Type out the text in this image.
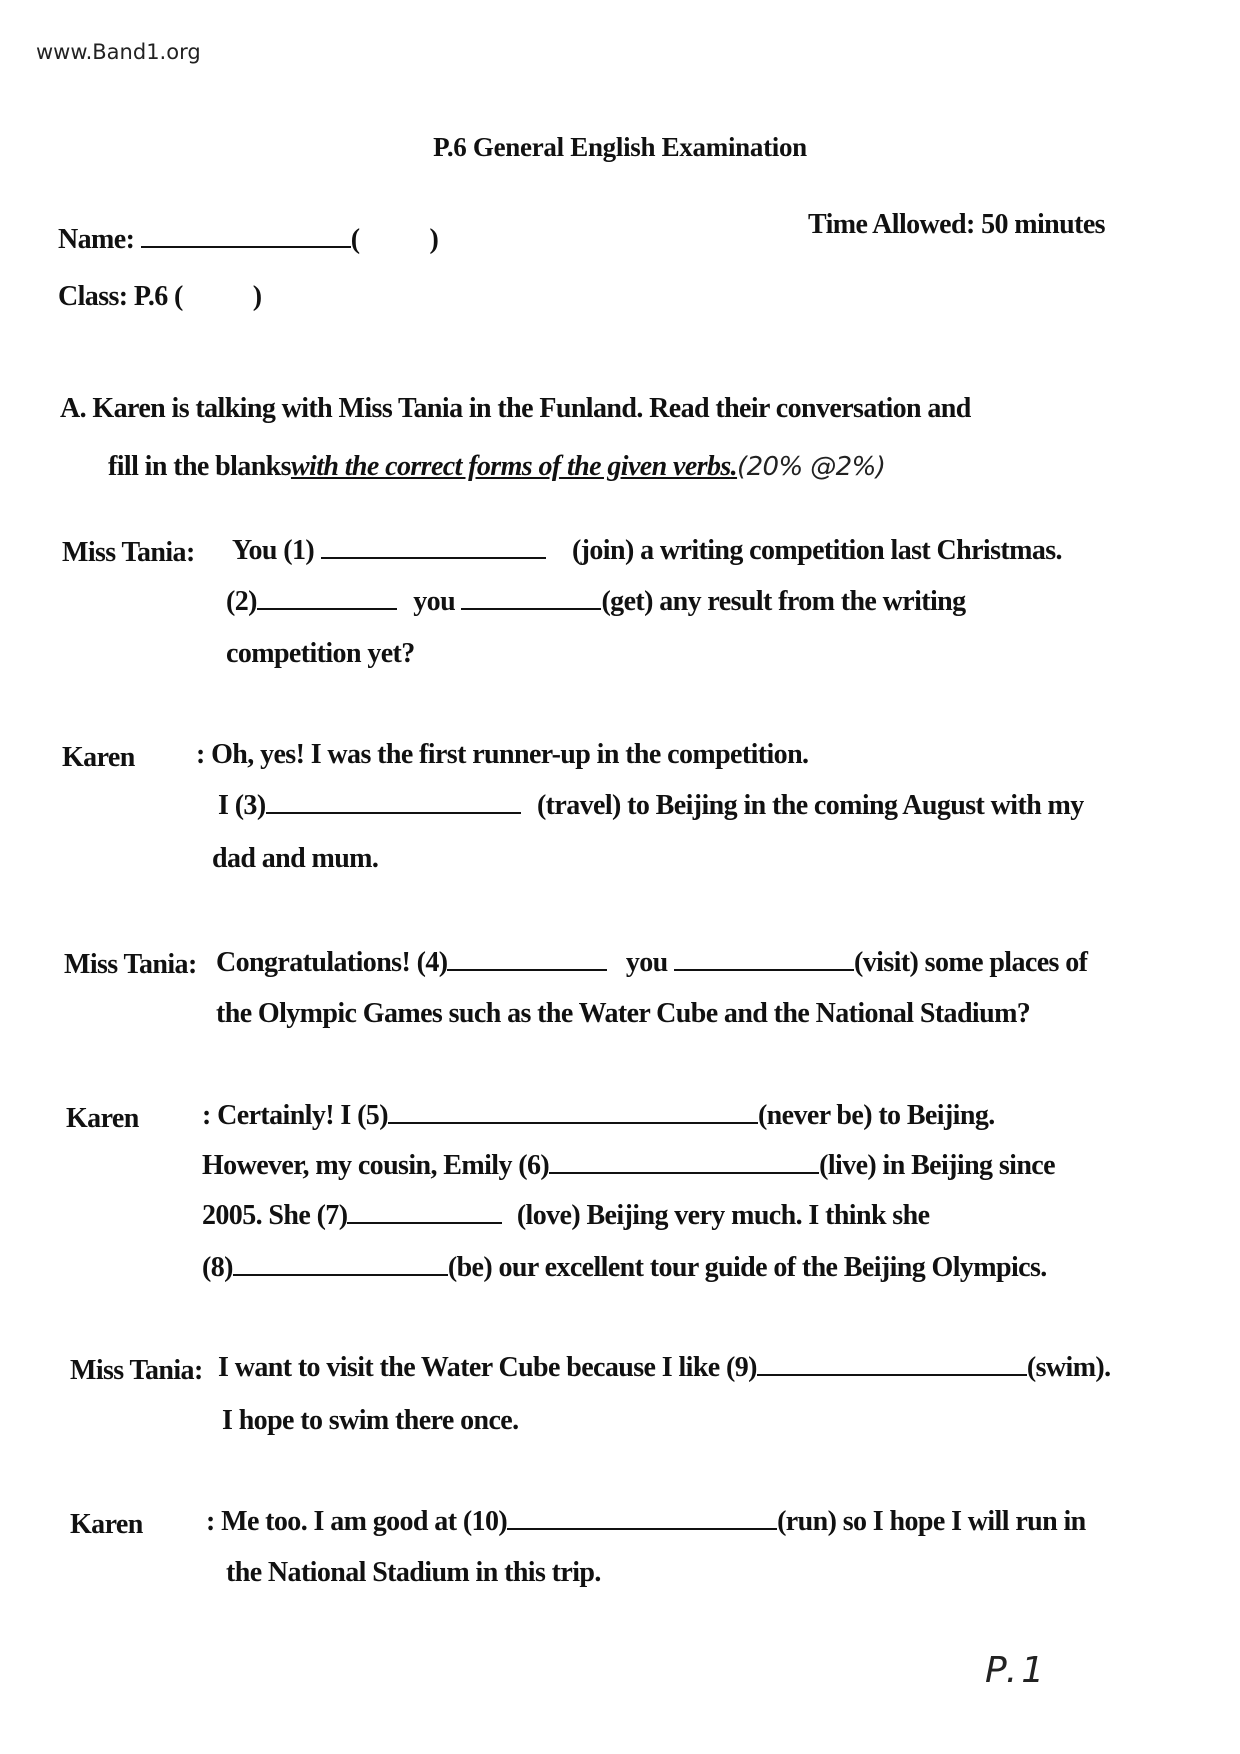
www.Band1.org
P.6 General English Examination
Name:	(	)	Time Allowed: 50 minutes
Class: P.6 (	)
A. Karen is talking with Miss Tania in the Funland. Read their conversation and
fill in the blankswith the correct forms of the given verbs.(20% @2%)
Miss Tania: You (1)	(join) a writing competition last Christmas.
(2)	you	(get) any result from the writing
competition yet?
Karen : Oh, yes! I was the first runner-up in the competition.
I (3)	(travel) to Beijing in the coming August with my
dad and mum.
Miss Tania: Congratulations! (4)	you	(visit) some places of
the Olympic Games such as the Water Cube and the National Stadium?
Karen : Certainly! I (5)	(never be) to Beijing.
However, my cousin, Emily (6)	(live) in Beijing since
2005. She (7)	(love) Beijing very much. I think she
(8)	(be) our excellent tour guide of the Beijing Olympics.
Miss Tania: I want to visit the Water Cube because I like (9)	(swim).
I hope to swim there once.
Karen : Me too. I am good at (10)	(run) so I hope I will run in
the National Stadium in this trip.
P.1
